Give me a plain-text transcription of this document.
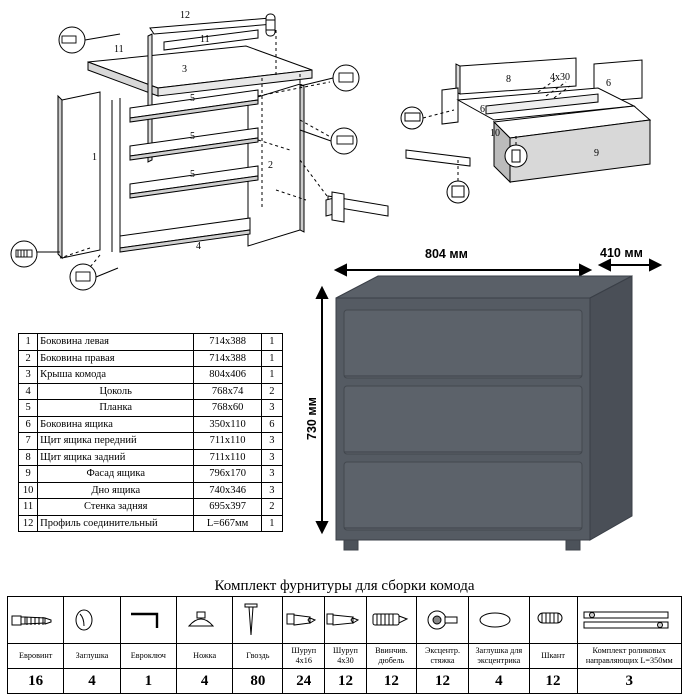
12
11
11
3
1
5
5
5
2
4
8	4х30
6
6
10
9
804 мм	410 мм
730 мм
1	Боковина левая	714х388	1
2	Боковина правая	714х388	1
3	Крыша комода	804х406	1
4	Цоколь	768х74	2
5	Планка	768х60	3
6	Боковина ящика	350х110	6
7	Щит ящика передний	711х110	3
8	Щит ящика задний	711х110	3
9	Фасад ящика	796х170	3
10	Дно ящика	740х346	3
11	Стенка задняя	695х397	2
12	Профиль соединительный	L=667мм	1
Комплект фурнитуры для сборки комода

Евровинт	Заглушка	Евроключ	Ножка	Гвоздь	Шуруп 4х16	Шуруп 4х30	Ввинчив. дюбель	Эксцентр. стяжка	Заглушка для эксцентрика	Шкант	Комплект роликовых направляющих L=350мм
16	4	1	4	80	24	12	12	12	4	12	3
